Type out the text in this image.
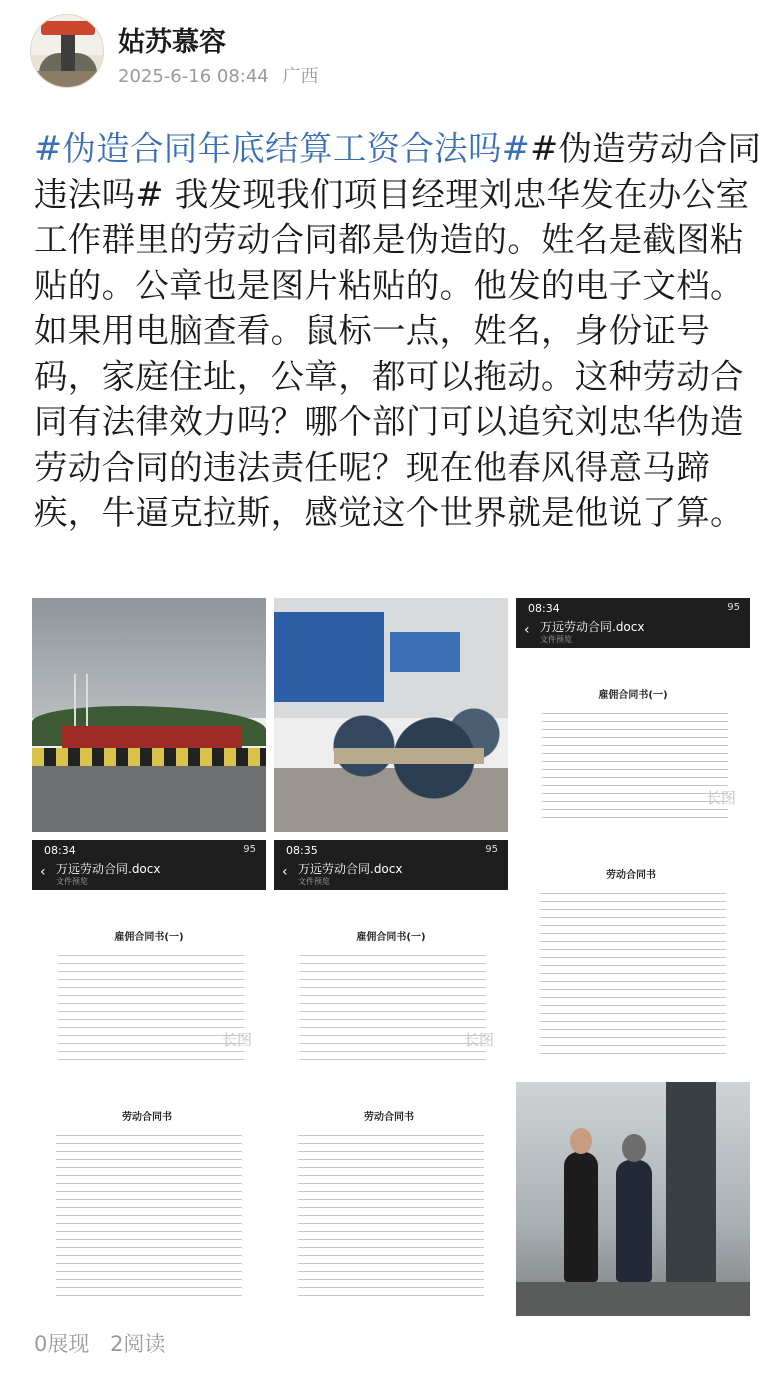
姑苏慕容
2025-6-16 08:44 广西

#伪造合同年底结算工资合法吗##伪造劳动合同

违法吗# 我发现我们项目经理刘忠华发在办公室

工作群里的劳动合同都是伪造的。姓名是截图粘

贴的。公章也是图片粘贴的。他发的电子文档。

如果用电脑查看。鼠标一点，姓名，身份证号

码，家庭住址，公章，都可以拖动。这种劳动合

同有法律效力吗？哪个部门可以追究刘忠华伪造

劳动合同的违法责任呢？现在他春风得意马蹄

疾，牛逼克拉斯，感觉这个世界就是他说了算。

08:34	95
‹ 万远劳动合同.docx
文件预览
雇佣合同书(一)
长图
08:34	95
‹ 万远劳动合同.docx
文件预览
雇佣合同书(一)
长图
08:35	95
‹ 万远劳动合同.docx
文件预览
雇佣合同书(一)
长图
劳动合同书
劳动合同书	劳动合同书
0展现 2阅读
